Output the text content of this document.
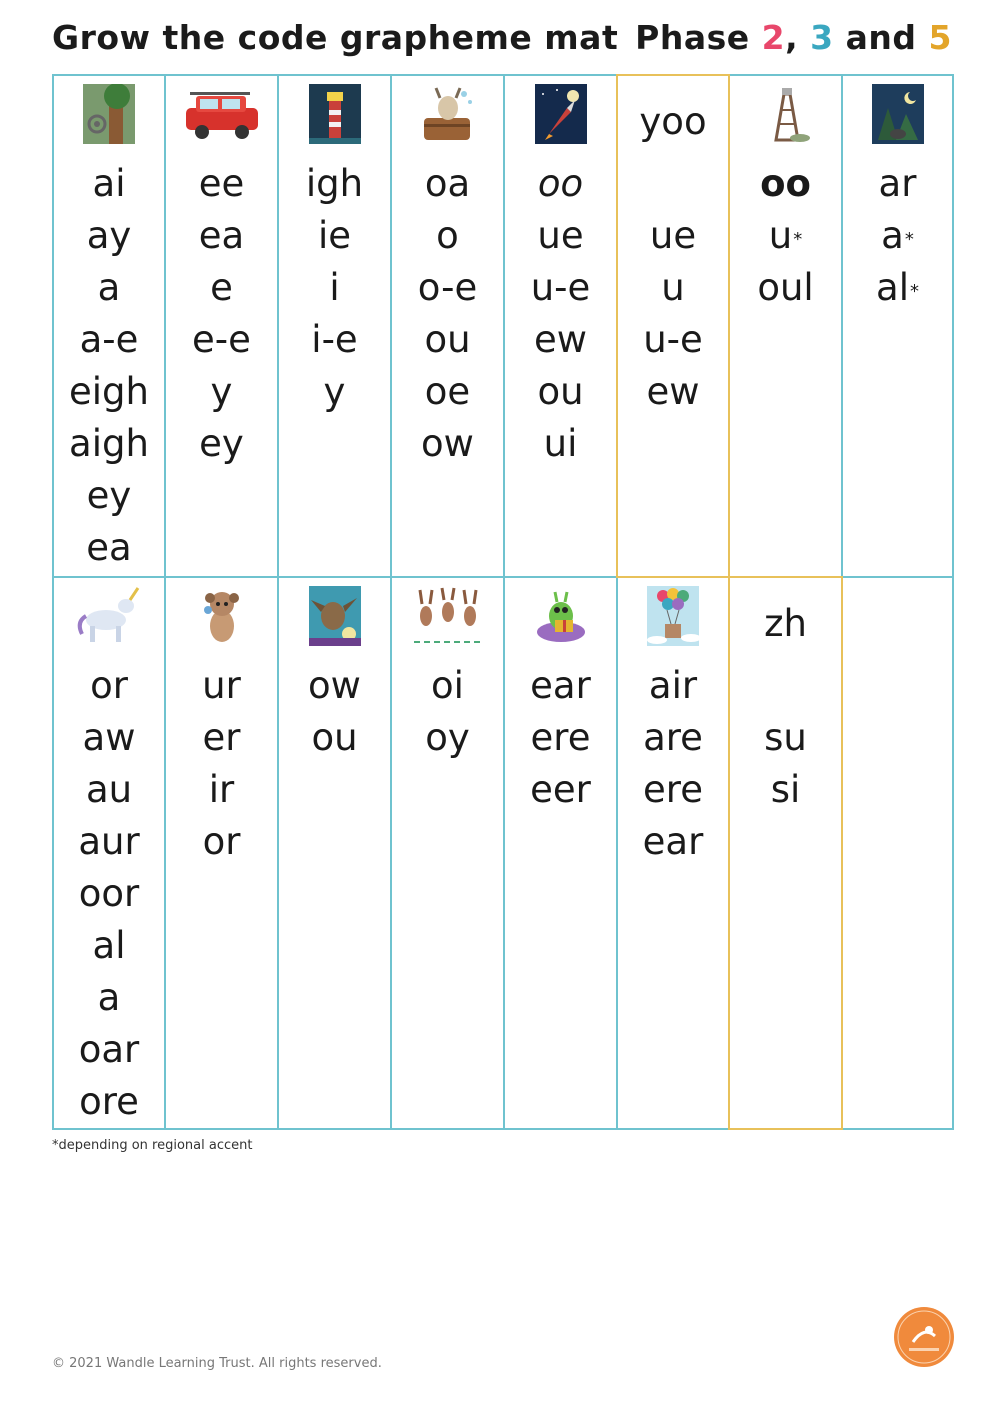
Grow the code grapheme mat Phase 2, 3 and 5
ai
ay
a
a-e
eigh
aigh
ey
ea
ee
ea
e
e-e
y
ey
igh
ie
i
i-e
y
oa
o
o-e
ou
oe
ow
oo
ue
u-e
ew
ou
ui
yoo
ue
u
u-e
ew
oo
u*
oul
ar
a*
al*
or
aw
au
aur
oor
al
a
oar
ore
ur
er
ir
or
ow
ou
oi
oy
ear
ere
eer
air
are
ere
ear
zh
su
si
*depending on regional accent
© 2021 Wandle Learning Trust. All rights reserved.
